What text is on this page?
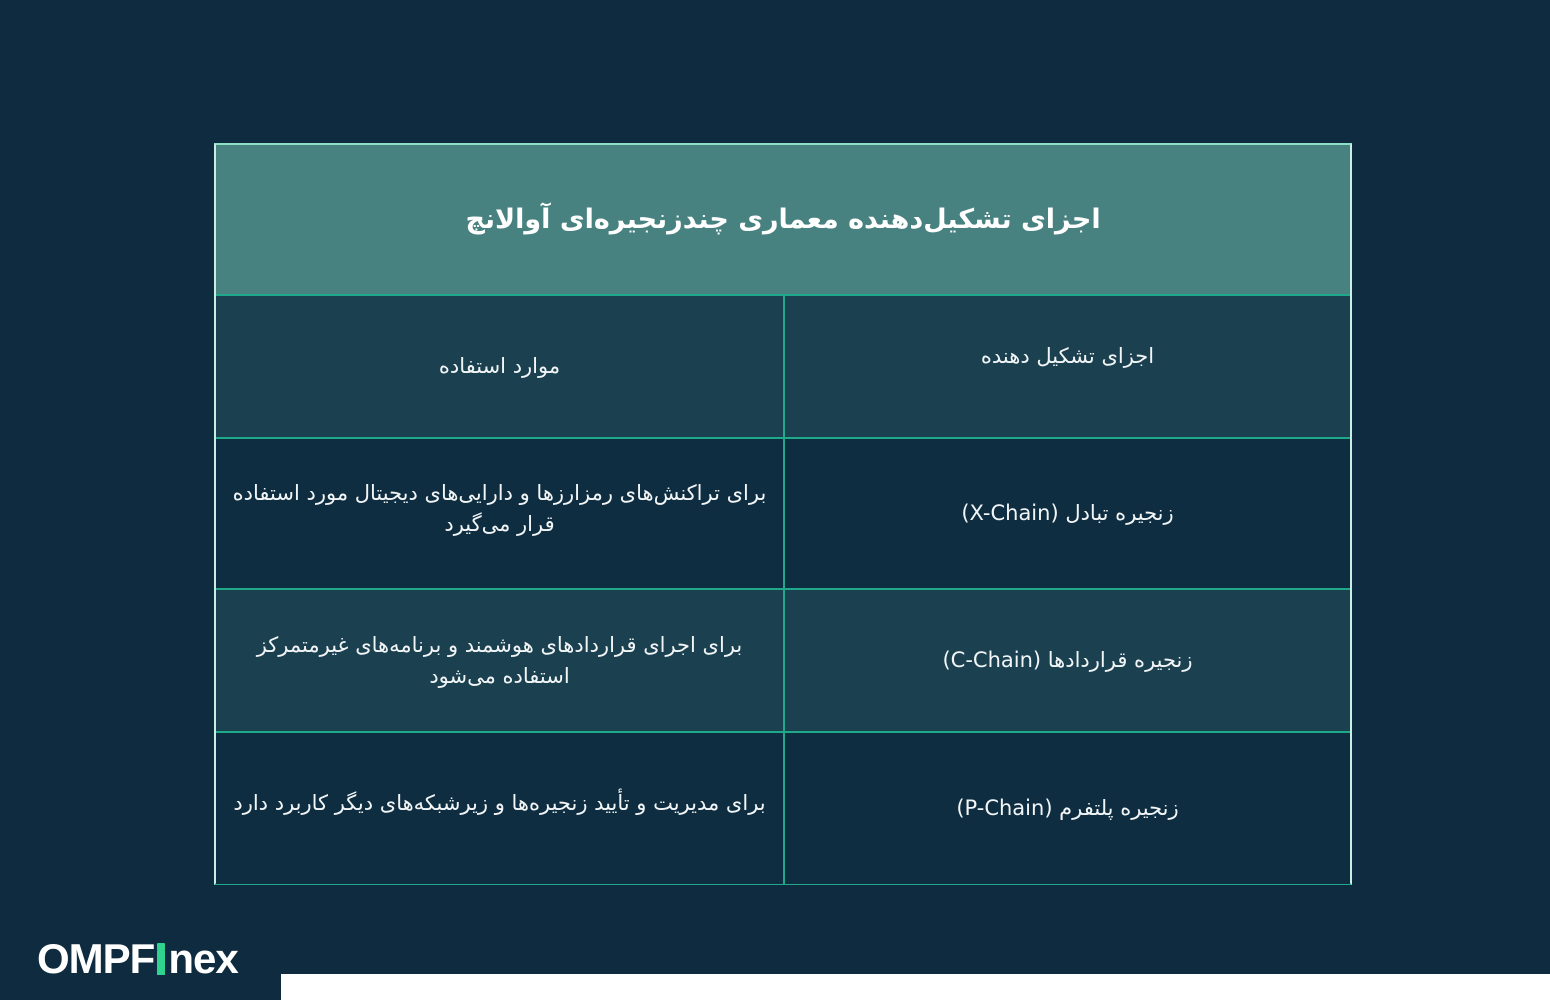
اجزای تشکیل‌دهنده معماری چندزنجیره‌ای آوالانچ
اجزای تشکیل دهنده
موارد استفاده
زنجیره تبادل (X-Chain)
برای تراکنش‌های رمزارزها و دارایی‌های دیجیتال مورد استفاده قرار می‌گیرد
زنجیره قراردادها (C-Chain)
برای اجرای قراردادهای هوشمند و برنامه‌های غیرمتمرکز استفاده می‌شود
زنجیره پلتفرم (P-Chain)
برای مدیریت و تأیید زنجیره‌ها و زیرشبکه‌های دیگر کاربرد دارد
OMPF nex
